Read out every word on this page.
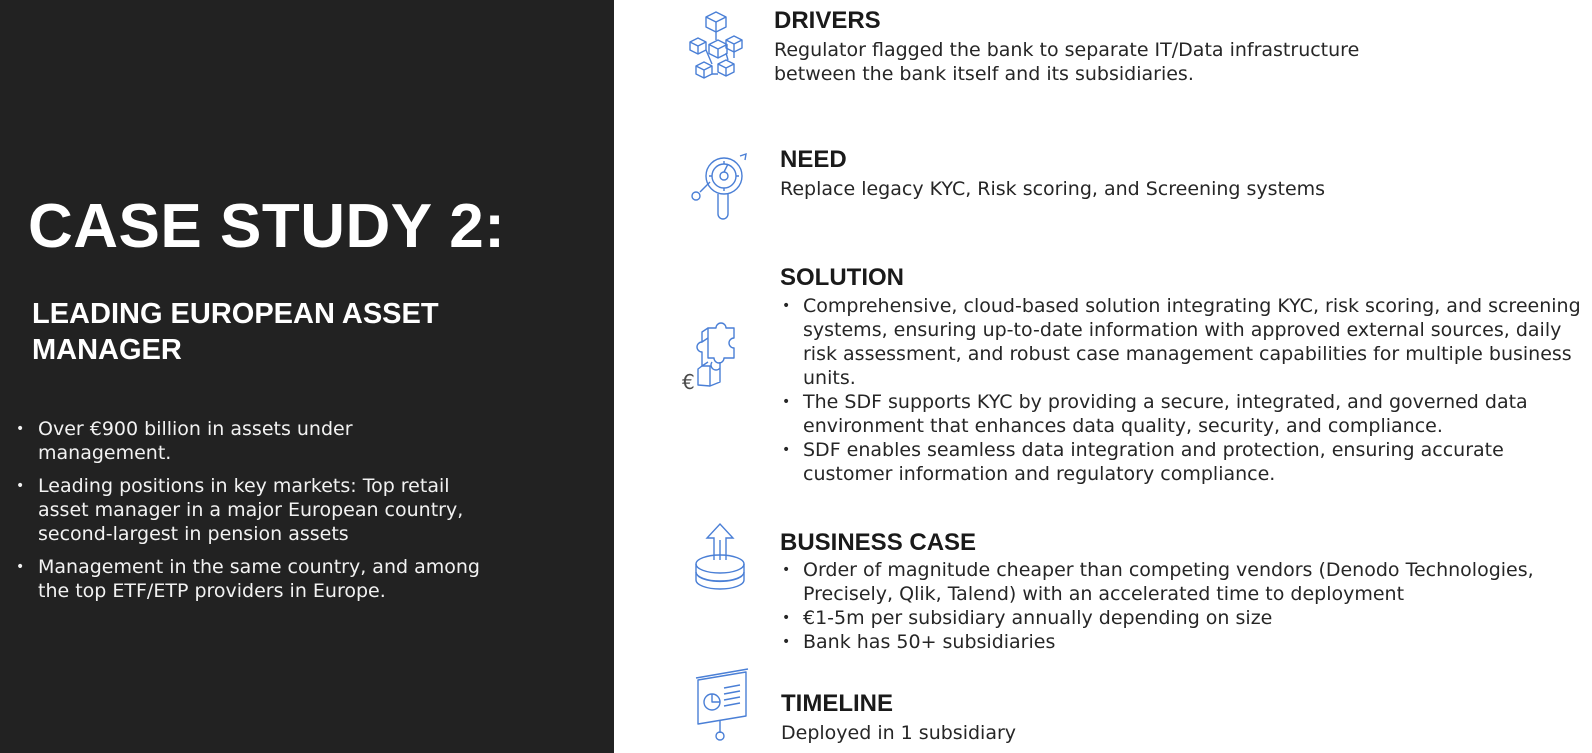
CASE STUDY 2:
LEADING EUROPEAN ASSET MANAGER
• Over €900 billion in assets under management.
• Leading positions in key markets: Top retail asset manager in a major European country, second-largest in pension assets
• Management in the same country, and among the top ETF/ETP providers in Europe.
DRIVERS

Regulator flagged the bank to separate IT/Data infrastructure between the bank itself and its subsidiaries.

NEED

Replace legacy KYC, Risk scoring, and Screening systems

€
SOLUTION
• Comprehensive, cloud-based solution integrating KYC, risk scoring, and screening systems, ensuring up-to-date information with approved external sources, daily risk assessment, and robust case management capabilities for multiple business units.
• The SDF supports KYC by providing a secure, integrated, and governed data environment that enhances data quality, security, and compliance.
• SDF enables seamless data integration and protection, ensuring accurate customer information and regulatory compliance.
BUSINESS CASE
• Order of magnitude cheaper than competing vendors (Denodo Technologies, Precisely, Qlik, Talend) with an accelerated time to deployment
• €1-5m per subsidiary annually depending on size
• Bank has 50+ subsidiaries
TIMELINE

Deployed in 1 subsidiary
